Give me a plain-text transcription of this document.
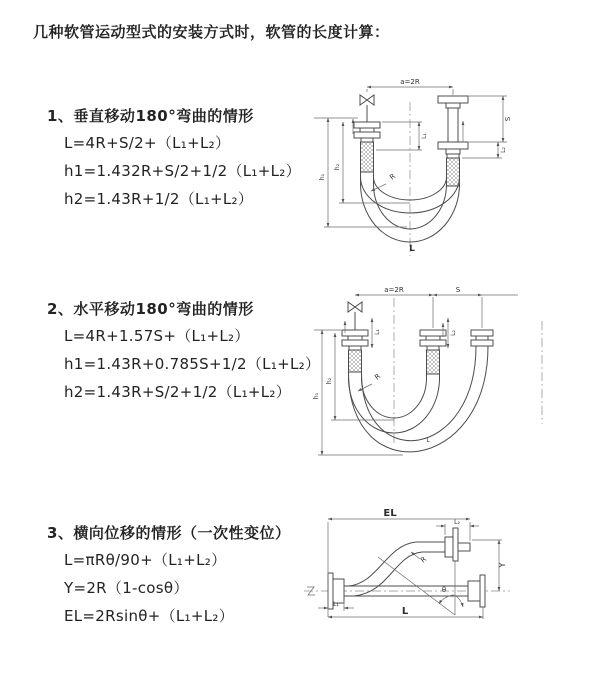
几种软管运动型式的安装方式时，软管的长度计算：
1、垂直移动180°弯曲的情形
L=4R+S/2+（L₁+L₂）
h1=1.432R+S/2+1/2（L₁+L₂）
h2=1.43R+1/2（L₁+L₂）
a=2R
h₁
h₂
L₁
S
L₂
R
L
2、水平移动180°弯曲的情形
L=4R+1.57S+（L₁+L₂）
h1=1.43R+0.785S+1/2（L₁+L₂）
h2=1.43R+S/2+1/2（L₁+L₂）
a=2R	S
h₁
h₂
L₁	L₂
R
L
3、横向位移的情形（一次性变位）
L=πRθ/90+（L₁+L₂）
Y=2R（1-cosθ）
EL=2Rsinθ+（L₁+L₂）
EL
L₂
Y
L
L₁
R
θ
